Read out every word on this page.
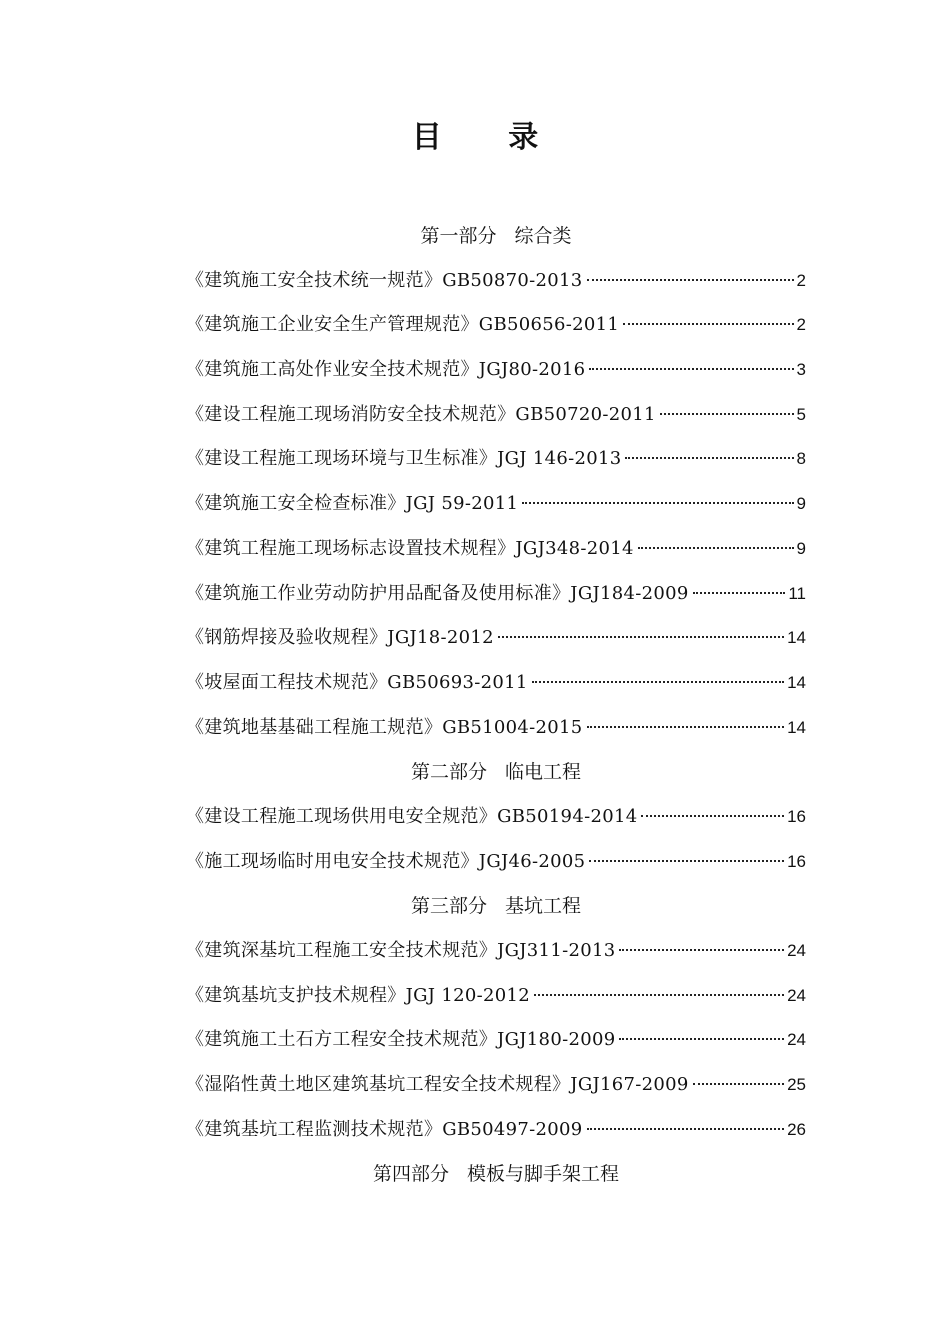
目 录
第一部分   综合类
《建筑施工安全技术统一规范》GB50870-2013	2
《建筑施工企业安全生产管理规范》GB50656-2011	2
《建筑施工高处作业安全技术规范》JGJ80-2016	3
《建设工程施工现场消防安全技术规范》GB50720-2011	5
《建设工程施工现场环境与卫生标准》JGJ 146-2013	8
《建筑施工安全检查标准》JGJ 59-2011	9
《建筑工程施工现场标志设置技术规程》JGJ348-2014	9
《建筑施工作业劳动防护用品配备及使用标准》JGJ184-2009	11
《钢筋焊接及验收规程》JGJ18-2012	14
《坡屋面工程技术规范》GB50693-2011	14
《建筑地基基础工程施工规范》GB51004-2015	14
第二部分   临电工程
《建设工程施工现场供用电安全规范》GB50194-2014	16
《施工现场临时用电安全技术规范》JGJ46-2005	16
第三部分   基坑工程
《建筑深基坑工程施工安全技术规范》JGJ311-2013	24
《建筑基坑支护技术规程》JGJ 120-2012	24
《建筑施工土石方工程安全技术规范》JGJ180-2009	24
《湿陷性黄土地区建筑基坑工程安全技术规程》JGJ167-2009	25
《建筑基坑工程监测技术规范》GB50497-2009	26
第四部分   模板与脚手架工程
